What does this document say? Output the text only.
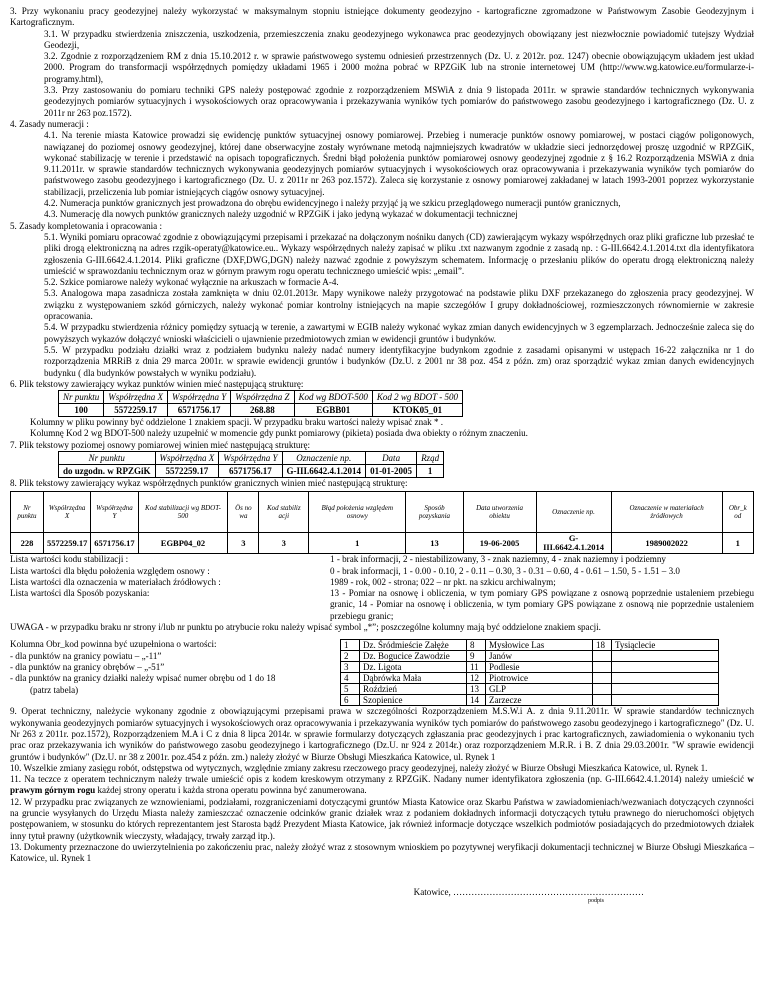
3. Przy wykonaniu pracy geodezyjnej należy wykorzystać w maksymalnym stopniu istniejące dokumenty geodezyjno - kartograficzne zgromadzone w Państwowym Zasobie Geodezyjnym i Kartograficznym.

3.1. W przypadku stwierdzenia zniszczenia, uszkodzenia, przemieszczenia znaku geodezyjnego wykonawca prac geodezyjnych obowiązany jest niezwłocznie powiadomić tutejszy Wydział Geodezji,

3.2. Zgodnie z rozporządzeniem RM z dnia 15.10.2012 r. w sprawie państwowego systemu odniesień przestrzennych (Dz. U. z 2012r. poz. 1247) obecnie obowiązującym układem jest układ 2000. Program do transformacji współrzędnych pomiędzy układami 1965 i 2000 można pobrać w RPZGiK lub na stronie internetowej UM (http://www.wg.katowice.eu/formularze-i-programy.html),

3.3. Przy zastosowaniu do pomiaru techniki GPS należy postępować zgodnie z rozporządzeniem MSWiA z dnia 9 listopada 2011r. w sprawie standardów technicznych wykonywania geodezyjnych pomiarów sytuacyjnych i wysokościowych oraz opracowywania i przekazywania wyników tych pomiarów do państwowego zasobu geodezyjnego i kartograficznego (Dz. U. z 2011r nr 263 poz.1572).

4. Zasady numeracji :

4.1. Na terenie miasta Katowice prowadzi się ewidencję punktów sytuacyjnej osnowy pomiarowej. Przebieg i numeracje punktów osnowy pomiarowej, w postaci ciągów poligonowych, nawiązanej do poziomej osnowy geodezyjnej, której dane obserwacyjne zostały wyrównane metodą najmniejszych kwadratów w układzie sieci jednorzędowej proszę uzgodnić w RPZGiK, wykonać stabilizację w terenie i przedstawić na opisach topograficznych. Średni błąd położenia punktów pomiarowej osnowy geodezyjnej zgodnie z § 16.2 Rozporządzenia MSWiA z dnia 9.11.2011r. w sprawie standardów technicznych wykonywania geodezyjnych pomiarów sytuacyjnych i wysokościowych oraz opracowywania i przekazywania wyników tych pomiarów do państwowego zasobu geodezyjnego i kartograficznego (Dz. U. z 2011r nr 263 poz.1572). Zaleca się korzystanie z osnowy pomiarowej zakładanej w latach 1993-2001 poprzez wykorzystanie stabilizacji, przeliczenia lub pomiar istniejących ciągów osnowy sytuacyjnej.

4.2. Numeracja punktów granicznych jest prowadzona do obrębu ewidencyjnego i należy przyjąć ją we szkicu przeglądowego numeracji puntów granicznych,

4.3. Numerację dla nowych punktów granicznych należy uzgodnić w RPZGiK i jako jedyną wykazać w dokumentacji technicznej

5. Zasady kompletowania i opracowania :

5.1. Wyniki pomiaru opracować zgodnie z obowiązującymi przepisami i przekazać na dołączonym nośniku danych (CD) zawierającym wykazy współrzędnych oraz pliki graficzne lub przesłać te pliki drogą elektroniczną na adres rzgik-operaty@katowice.eu.. Wykazy współrzędnych należy zapisać w pliku .txt nazwanym zgodnie z zasadą np. : G-III.6642.4.1.2014.txt dla identyfikatora zgłoszenia G-III.6642.4.1.2014. Pliki graficzne (DXF,DWG,DGN) należy nazwać zgodnie z powyższym schematem. Informację o przesłaniu plików do operatu drogą elektroniczną należy umieścić w sprawozdaniu technicznym oraz w górnym prawym rogu operatu technicznego umieścić wpis: „email”.

5.2. Szkice pomiarowe należy wykonać wyłącznie na arkuszach w formacie A-4.

5.3. Analogowa mapa zasadnicza została zamknięta w dniu 02.01.2013r. Mapy wynikowe należy przygotować na podstawie pliku DXF przekazanego do zgłoszenia pracy geodezyjnej. W związku z występowaniem szkód górniczych, należy wykonać pomiar kontrolny istniejących na mapie szczegółów I grupy dokładnościowej, rozmieszczonych równomiernie w zakresie opracowania.

5.4. W przypadku stwierdzenia różnicy pomiędzy sytuacją w terenie, a zawartymi w EGIB należy wykonać wykaz zmian danych ewidencyjnych w 3 egzemplarzach. Jednocześnie zaleca się do powyższych wykazów dołączyć wnioski właścicieli o ujawnienie przedmiotowych zmian w ewidencji gruntów i budynków.

5.5. W przypadku podziału działki wraz z podziałem budynku należy nadać numery identyfikacyjne budynkom zgodnie z zasadami opisanymi w ustępach 16-22 załącznika nr 1 do rozporządzenia MRRiB z dnia 29 marca 2001r. w sprawie ewidencji gruntów i budynków (Dz.U. z 2001 nr 38 poz. 454 z późn. zm) oraz sporządzić wykaz zmian danych ewidencyjnych budynku ( dla budynków powstałych w wyniku podziału).

6. Plik tekstowy zawierający wykaz punktów winien mieć następującą strukturę:

Nr punktu	Współrzędna X	Współrzędna Y	Współrzędna Z	Kod wg BDOT-500	Kod 2 wg BDOT - 500
100	5572259.17	6571756.17	268.88	EGBB01	KTOK05_01

Kolumny w pliku powinny być oddzielone 1 znakiem spacji. W przypadku braku wartości należy wpisać znak * .

Kolumnę Kod 2 wg BDOT-500 należy uzupełnić w momencie gdy punkt pomiarowy (pikieta) posiada dwa obiekty o różnym znaczeniu.

7. Plik tekstowy poziomej osnowy pomiarowej winien mieć następującą strukturę:

Nr punktu	Współrzędna X	Współrzędna Y	Oznaczenie np.	Data	Rząd
do uzgodn. w RPZGiK	5572259.17	6571756.17	G-III.6642.4.1.2014	01-01-2005	1

8. Plik tekstowy zawierający wykaz współrzędnych punktów granicznych winien mieć następującą strukturę:

Nr punktu	Współrzędna X	Współrzędna Y	Kod stabilizacji wg BDOT-500	Ös no wa	Kod stabiliz acji	Błąd położenia względem osnowy	Sposób pozyskania	Data utworzenia obiektu	Oznaczenie np.	Oznaczenie w materiałach źródłowych	Obr_k od
228	5572259.17	6571756.17	EGBP04_02	3	3	1	13	19-06-2005	G-III.6642.4.1.2014	1989002022	1

Lista wartości kodu stabilizacji :

Lista wartości dla błędu położenia względem osnowy :

Lista wartości dla oznaczenia w materiałach źródłowych :

Lista wartości dla Sposób pozyskania:

1 - brak informacji, 2 - niestabilizowany, 3 - znak naziemny, 4 - znak naziemny i podziemny

0 - brak informacji, 1 - 0.00 - 0.10, 2 - 0.11 – 0.30, 3 - 0.31 – 0.60, 4 - 0.61 – 1.50, 5 - 1.51 – 3.0

1989 - rok, 002 - strona; 022 – nr pkt. na szkicu archiwalnym;

13 - Pomiar na osnowę i obliczenia, w tym pomiary GPS powiązane z osnową poprzednie ustaleniem przebiegu granic, 14 - Pomiar na osnowę i obliczenia, w tym pomiary GPS powiązane z osnową nie poprzednie ustaleniem przebiegu granic;

UWAGA - w przypadku braku nr strony i/lub nr punktu po atrybucie roku należy wpisać symbol „*”; poszczególne kolumny mają być oddzielone znakiem spacji.

Kolumna Obr_kod powinna być uzupełniona o wartości:

- dla punktów na granicy powiatu – „-11”

- dla punktów na granicy obrębów – „-51”

- dla punktów na granicy działki należy wpisać numer obrębu od 1 do 18

(patrz tabela)

1	Dz. Śródmieście Załęże	8	Mysłowice Las	18	Tysiąclecie
2	Dz. Bogucice Zawodzie	9	Janów		
3	Dz. Ligota	11	Podlesie		
4	Dąbrówka Mała	12	Piotrowice		
5	Roździeń	13	GLP		
6	Szopienice	14	Zarzecze		

9. Operat techniczny, należycie wykonany zgodnie z obowiązującymi przepisami prawa w szczególności Rozporządzeniem M.S.W.i A. z dnia 9.11.2011r. W sprawie standardów technicznych wykonywania geodezyjnych pomiarów sytuacyjnych i wysokościowych oraz opracowywania i przekazywania wyników tych pomiarów do państwowego zasobu geodezyjnego i kartograficznego" (Dz. U. Nr 263 z 2011r. poz.1572), Rozporządzeniem M.A i C z dnia 8 lipca 2014r. w sprawie formularzy dotyczących zgłaszania prac geodezyjnych i prac kartograficznych, zawiadomienia o wykonaniu tych prac oraz przekazywania ich wyników do państwowego zasobu geodezyjnego i kartograficznego (Dz.U. nr 924 z 2014r.) oraz rozporządzeniem M.R.R. i B. Z dnia 29.03.2001r. "W sprawie ewidencji gruntów i budynków" (Dz.U. nr 38 z 2001r. poz.454 z późn. zm.) należy złożyć w Biurze Obsługi Mieszkańca Katowice, ul. Rynek 1

10. Wszelkie zmiany zasięgu robót, odstępstwa od wytycznych, względnie zmiany zakresu rzeczowego pracy geodezyjnej, należy złożyć w Biurze Obsługi Mieszkańca Katowice, ul. Rynek 1.

11. Na teczce z operatem technicznym należy trwale umieścić opis z kodem kreskowym otrzymany z RPZGiK. Nadany numer identyfikatora zgłoszenia (np. G-III.6642.4.1.2014) należy umieścić w prawym górnym rogu każdej strony operatu i każda strona operatu powinna być zanumerowana.

12. W przypadku prac związanych ze wznowieniami, podziałami, rozgraniczeniami dotyczącymi gruntów Miasta Katowice oraz Skarbu Państwa w zawiadomieniach/wezwaniach dotyczących czynności na gruncie wysyłanych do Urzędu Miasta należy zamieszczać oznaczenie odcinków granic działek wraz z podaniem dokładnych informacji dotyczących tytułu prawnego do nieruchomości objętych postępowaniem, w stosunku do których reprezentantem jest Starosta bądź Prezydent Miasta Katowice, jak również informacje dotyczące wszelkich podmiotów posiadających do przedmiotowych działek inny tytuł prawny (użytkownik wieczysty, władający, trwały zarząd itp.).

13. Dokumenty przeznaczone do uwierzytelnienia po zakończeniu prac, należy złożyć wraz z stosownym wnioskiem po pozytywnej weryfikacji dokumentacji technicznej w Biurze Obsługi Mieszkańca – Katowice, ul. Rynek 1

Katowice, ………………………………………………………

podpis
